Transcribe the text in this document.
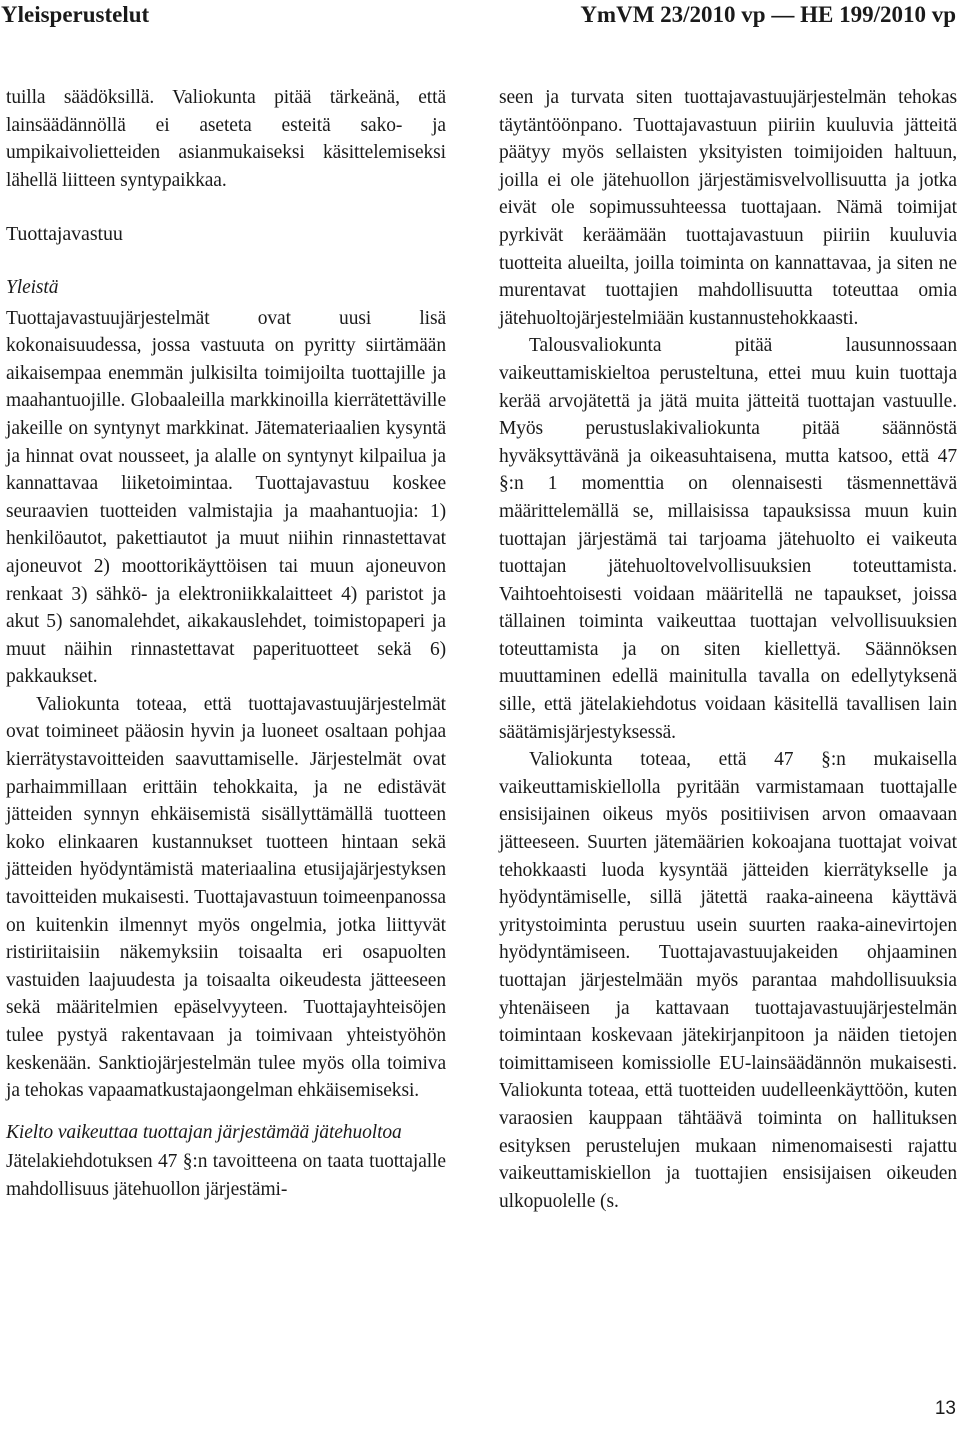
Yleisperustelut	YmVM 23/2010 vp — HE 199/2010 vp

tuilla säädöksillä. Valiokunta pitää tärkeänä, että lainsäädännöllä ei aseteta esteitä sako- ja umpikaivolietteiden asianmukaiseksi käsittelemiseksi lähellä liitteen syntypaikkaa.

Tuottajavastuu

Yleistä

Tuottajavastuujärjestelmät ovat uusi lisä kokonaisuudessa, jossa vastuuta on pyritty siirtämään aikaisempaa enemmän julkisilta toimijoilta tuottajille ja maahantuojille. Globaaleilla markkinoilla kierrätettäville jakeille on syntynyt markkinat. Jätemateriaalien kysyntä ja hinnat ovat nousseet, ja alalle on syntynyt kilpailua ja kannattavaa liiketoimintaa. Tuottajavastuu koskee seuraavien tuotteiden valmistajia ja maahantuojia: 1) henkilöautot, pakettiautot ja muut niihin rinnastettavat ajoneuvot 2) moottorikäyttöisen tai muun ajoneuvon renkaat 3) sähkö- ja elektroniikkalaitteet 4) paristot ja akut 5) sanomalehdet, aikakauslehdet, toimistopaperi ja muut näihin rinnastettavat paperituotteet sekä 6) pakkaukset.

Valiokunta toteaa, että tuottajavastuujärjestelmät ovat toimineet pääosin hyvin ja luoneet osaltaan pohjaa kierrätystavoitteiden saavuttamiselle. Järjestelmät ovat parhaimmillaan erittäin tehokkaita, ja ne edistävät jätteiden synnyn ehkäisemistä sisällyttämällä tuotteen koko elinkaaren kustannukset tuotteen hintaan sekä jätteiden hyödyntämistä materiaalina etusijajärjestyksen tavoitteiden mukaisesti. Tuottajavastuun toimeenpanossa on kuitenkin ilmennyt myös ongelmia, jotka liittyvät ristiriitaisiin näkemyksiin toisaalta eri osapuolten vastuiden laajuudesta ja toisaalta oikeudesta jätteeseen sekä määritelmien epäselvyyteen. Tuottajayhteisöjen tulee pystyä rakentavaan ja toimivaan yhteistyöhön keskenään. Sanktiojärjestelmän tulee myös olla toimiva ja tehokas vapaamatkustajaongelman ehkäisemiseksi.

Kielto vaikeuttaa tuottajan järjestämää jätehuoltoa

Jätelakiehdotuksen 47 §:n tavoitteena on taata tuottajalle mahdollisuus jätehuollon järjestämi-

seen ja turvata siten tuottajavastuujärjestelmän tehokas täytäntöönpano. Tuottajavastuun piiriin kuuluvia jätteitä päätyy myös sellaisten yksityisten toimijoiden haltuun, joilla ei ole jätehuollon järjestämisvelvollisuutta ja jotka eivät ole sopimussuhteessa tuottajaan. Nämä toimijat pyrkivät keräämään tuottajavastuun piiriin kuuluvia tuotteita alueilta, joilla toiminta on kannattavaa, ja siten ne murentavat tuottajien mahdollisuutta toteuttaa omia jätehuoltojärjestelmiään kustannustehokkaasti.

Talousvaliokunta pitää lausunnossaan vaikeuttamiskieltoa perusteltuna, ettei muu kuin tuottaja kerää arvojätettä ja jätä muita jätteitä tuottajan vastuulle. Myös perustuslakivaliokunta pitää säännöstä hyväksyttävänä ja oikeasuhtaisena, mutta katsoo, että 47 §:n 1 momenttia on olennaisesti täsmennettävä määrittelemällä se, millaisissa tapauksissa muun kuin tuottajan järjestämä tai tarjoama jätehuolto ei vaikeuta tuottajan jätehuoltovelvollisuuksien toteuttamista. Vaihtoehtoisesti voidaan määritellä ne tapaukset, joissa tällainen toiminta vaikeuttaa tuottajan velvollisuuksien toteuttamista ja on siten kiellettyä. Säännöksen muuttaminen edellä mainitulla tavalla on edellytyksenä sille, että jätelakiehdotus voidaan käsitellä tavallisen lain säätämisjärjestyksessä.

Valiokunta toteaa, että 47 §:n mukaisella vaikeuttamiskiellolla pyritään varmistamaan tuottajalle ensisijainen oikeus myös positiivisen arvon omaavaan jätteeseen. Suurten jätemäärien kokoajana tuottajat voivat tehokkaasti luoda kysyntää jätteiden kierrätykselle ja hyödyntämiselle, sillä jätettä raaka-aineena käyttävä yritystoiminta perustuu usein suurten raaka-ainevirtojen hyödyntämiseen. Tuottajavastuujakeiden ohjaaminen tuottajan järjestelmään myös parantaa mahdollisuuksia yhtenäiseen ja kattavaan tuottajavastuujärjestelmän toimintaan koskevaan jätekirjanpitoon ja näiden tietojen toimittamiseen komissiolle EU-lainsäädännön mukaisesti. Valiokunta toteaa, että tuotteiden uudelleenkäyttöön, kuten varaosien kauppaan tähtäävä toiminta on hallituksen esityksen perustelujen mukaan nimenomaisesti rajattu vaikeuttamiskiellon ja tuottajien ensisijaisen oikeuden ulkopuolelle (s.

13
